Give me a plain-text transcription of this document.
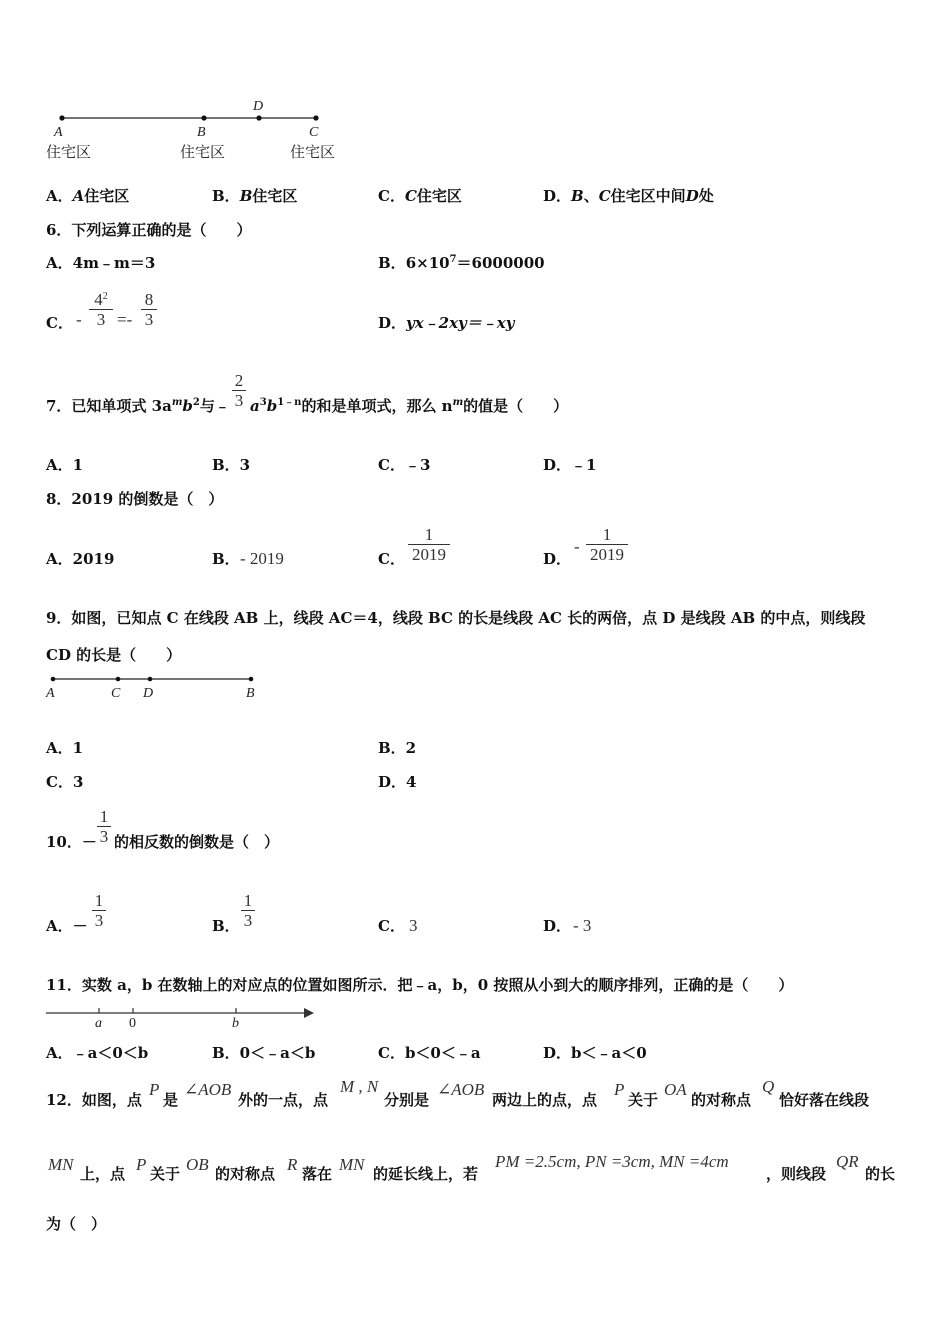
A	B
D
C
住宅区	住宅区	住宅区
A．A住宅区	B．B住宅区	C．C住宅区	D．B、C住宅区中间D处
6．下列运算正确的是（　　）
A．4m﹣m＝3	B．$6\times 10^7=6000000$
C． -
$4^2$
3 =-
8
3	D．yx﹣2xy＝﹣xy
7．已知单项式 $3a^mb^2$与﹣
2
3 $a^3b^{1﹣n}$的和是单项式，那么 $n^m$的值是（　　）
A．1	B．3	C．﹣3	D．﹣1
8．2019 的倒数是（　）
A．2019	B． - 2019	C．
1
2019	D．
-
1
2019
9．如图，已知点 C 在线段 AB 上，线段 AC＝4，线段 BC 的长是线段 AC 长的两倍，点 D 是线段 AB 的中点，则线段
CD 的长是（　　）
A	C D	B
A．1	B．2
C．3	D．4
10．－
1
3 的相反数的倒数是（　）
A．－
1
3	B．
1
3	C． 3	D． - 3
11．实数 a，b 在数轴上的对应点的位置如图所示．把﹣a，b，0 按照从小到大的顺序排列，正确的是（　　）
a 0	b
A．﹣a＜0＜b	B．0＜﹣a＜b	C．b＜0＜﹣a	D．b＜﹣a＜0
12．如图，点
P
是
∠AOB
外的一点，点
M , N
分别是
∠AOB
两边上的点，点
P
关于
OA
的对称点
Q
恰好落在线段
MN 上，点 P 关于 OB 的对称点 R 落在 MN 的延长线上，若
PM =2.5cm, PN =3cm, MN =4cm
，则线段
QR
的长
为（　）
